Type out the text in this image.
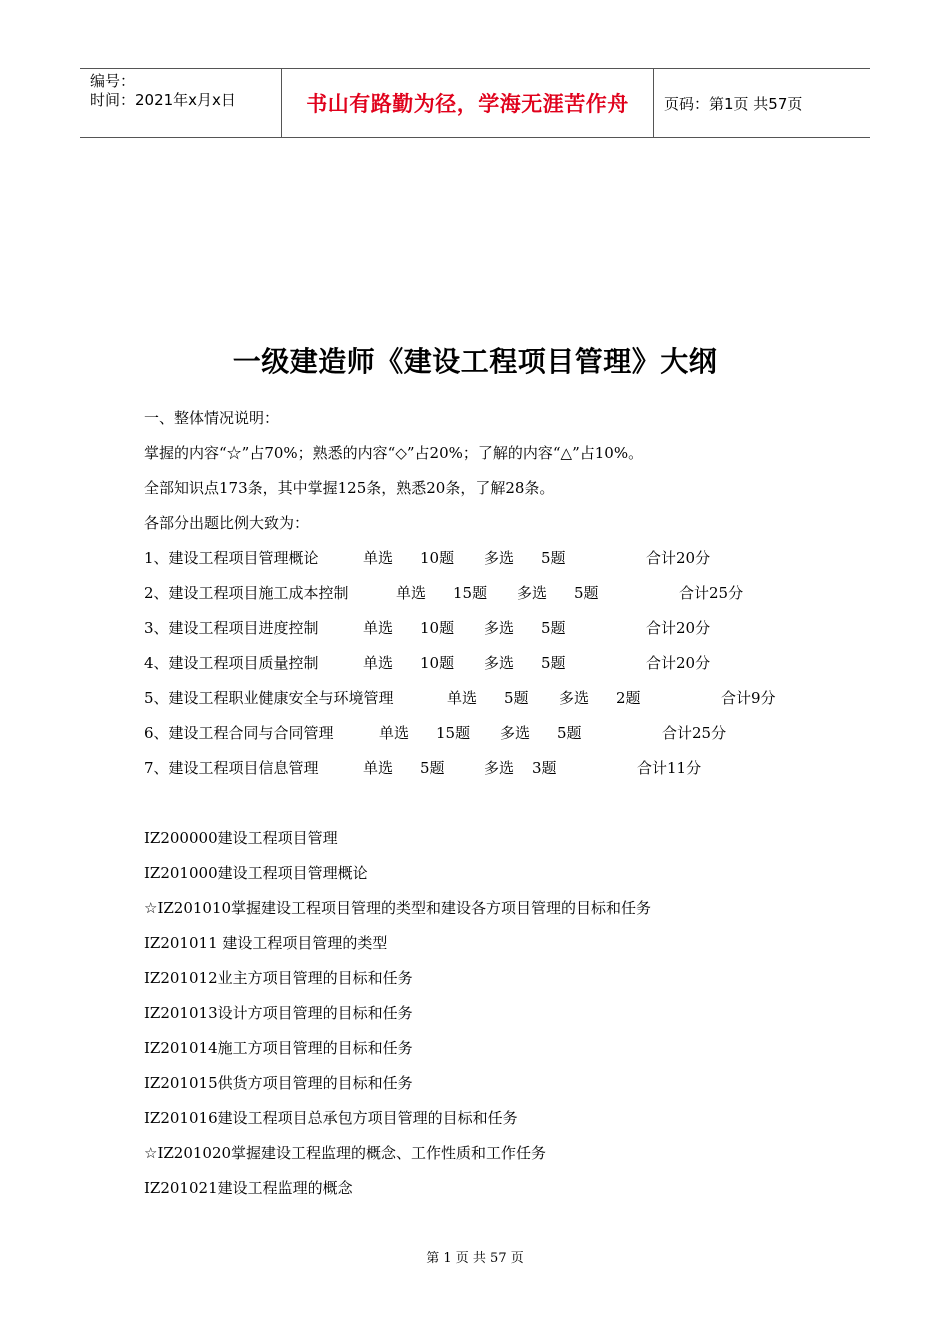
编号：
时间：2021年x月x日	书山有路勤为径，学海无涯苦作舟	页码：第1页 共57页
一级建造师《建设工程项目管理》大纲
一、整体情况说明：
掌握的内容“☆”占70%；熟悉的内容“◇”占20%；了解的内容“△”占10%。
全部知识点173条，其中掌握125条，熟悉20条，了解28条。
各部分出题比例大致为：
1、建设工程项目管理概论	单选 10题 多选 5题	合计20分
2、建设工程项目施工成本控制	单选 15题 多选 5题	合计25分
3、建设工程项目进度控制	单选 10题 多选 5题	合计20分
4、建设工程项目质量控制	单选 10题 多选 5题	合计20分
5、建设工程职业健康安全与环境管理	单选 5题 多选 2题	合计9分
6、建设工程合同与合同管理	单选 15题 多选 5题	合计25分
7、建设工程项目信息管理	单选 5题	多选 3题	合计11分
IZ200000建设工程项目管理
IZ201000建设工程项目管理概论
☆IZ201010掌握建设工程项目管理的类型和建设各方项目管理的目标和任务
IZ201011 建设工程项目管理的类型
IZ201012业主方项目管理的目标和任务
IZ201013设计方项目管理的目标和任务
IZ201014施工方项目管理的目标和任务
IZ201015供货方项目管理的目标和任务
IZ201016建设工程项目总承包方项目管理的目标和任务
☆IZ201020掌握建设工程监理的概念、工作性质和工作任务
IZ201021建设工程监理的概念
第 1 页 共 57 页
